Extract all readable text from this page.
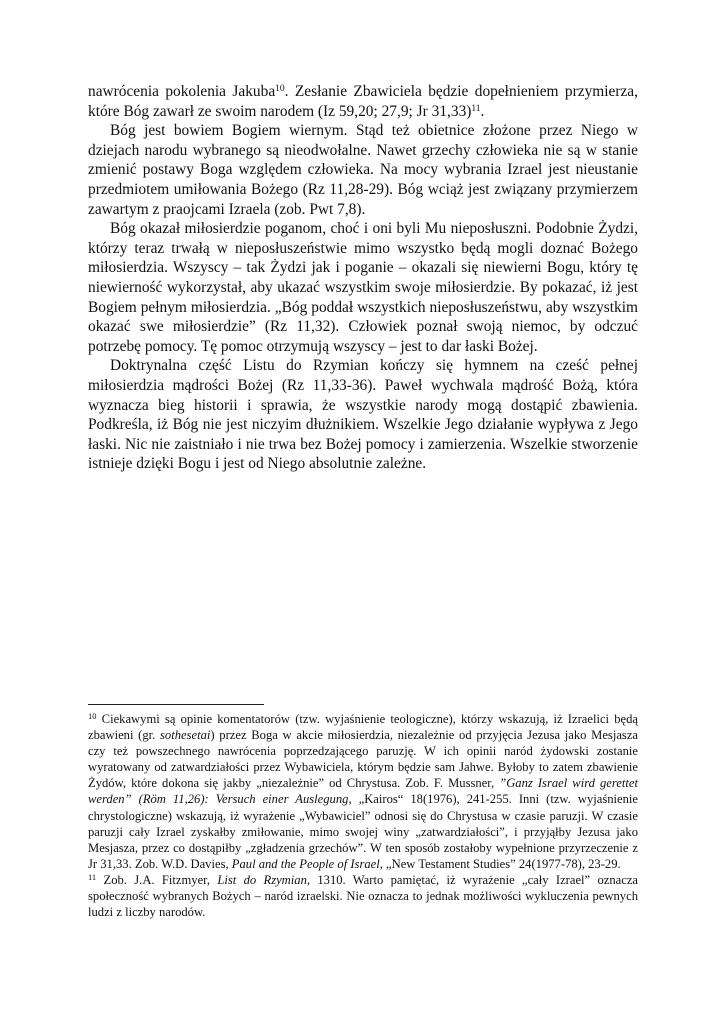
nawrócenia pokolenia Jakuba$^{10}$. Zesłanie Zbawiciela będzie dopełnieniem przymierza, które Bóg zawarł ze swoim narodem (Iz 59,20; 27,9; Jr 31,33)$^{11}$.

Bóg jest bowiem Bogiem wiernym. Stąd też obietnice złożone przez Niego w dziejach narodu wybranego są nieodwołalne. Nawet grzechy człowieka nie są w stanie zmienić postawy Boga względem człowieka. Na mocy wybrania Izrael jest nieustanie przedmiotem umiłowania Bożego (Rz 11,28-29). Bóg wciąż jest związany przymierzem zawartym z praojcami Izraela (zob. Pwt 7,8).

Bóg okazał miłosierdzie poganom, choć i oni byli Mu nieposłuszni. Podobnie Żydzi, którzy teraz trwałą w nieposłuszeństwie mimo wszystko będą mogli doznać Bożego miłosierdzia. Wszyscy – tak Żydzi jak i poganie – okazali się niewierni Bogu, który tę niewierność wykorzystał, aby ukazać wszystkim swoje miłosierdzie. By pokazać, iż jest Bogiem pełnym miłosierdzia. „Bóg poddał wszystkich nieposłuszeństwu, aby wszystkim okazać swe miłosierdzie” (Rz 11,32). Człowiek poznał swoją niemoc, by odczuć potrzebę pomocy. Tę pomoc otrzymują wszyscy – jest to dar łaski Bożej.

Doktrynalna część Listu do Rzymian kończy się hymnem na cześć pełnej miłosierdzia mądrości Bożej (Rz 11,33-36). Paweł wychwala mądrość Bożą, która wyznacza bieg historii i sprawia, że wszystkie narody mogą dostąpić zbawienia. Podkreśla, iż Bóg nie jest niczyim dłużnikiem. Wszelkie Jego działanie wypływa z Jego łaski. Nic nie zaistniało i nie trwa bez Bożej pomocy i zamierzenia. Wszelkie stworzenie istnieje dzięki Bogu i jest od Niego absolutnie zależne.

$^{10}$ Ciekawymi są opinie komentatorów (tzw. wyjaśnienie teologiczne), którzy wskazują, iż Izraelici będą zbawieni (gr. sothesetai) przez Boga w akcie miłosierdzia, niezależnie od przyjęcia Jezusa jako Mesjasza czy też powszechnego nawrócenia poprzedzającego paruzję. W ich opinii naród żydowski zostanie wyratowany od zatwardziałości przez Wybawiciela, którym będzie sam Jahwe. Byłoby to zatem zbawienie Żydów, które dokona się jakby „niezależnie” od Chrystusa. Zob. F. Mussner, ”Ganz Israel wird gerettet werden” (Röm 11,26): Versuch einer Auslegung, „Kairos“ 18(1976), 241-255. Inni (tzw. wyjaśnienie chrystologiczne) wskazują, iż wyrażenie „Wybawiciel” odnosi się do Chrystusa w czasie paruzji. W czasie paruzji cały Izrael zyskałby zmiłowanie, mimo swojej winy „zatwardziałości”, i przyjąłby Jezusa jako Mesjasza, przez co dostąpiłby „zgładzenia grzechów”. W ten sposób zostałoby wypełnione przyrzeczenie z Jr 31,33. Zob. W.D. Davies, Paul and the People of Israel, „New Testament Studies” 24(1977-78), 23-29.

$^{11}$ Zob. J.A. Fitzmyer, List do Rzymian, 1310. Warto pamiętać, iż wyrażenie „cały Izrael” oznacza społeczność wybranych Bożych – naród izraelski. Nie oznacza to jednak możliwości wykluczenia pewnych ludzi z liczby narodów.
